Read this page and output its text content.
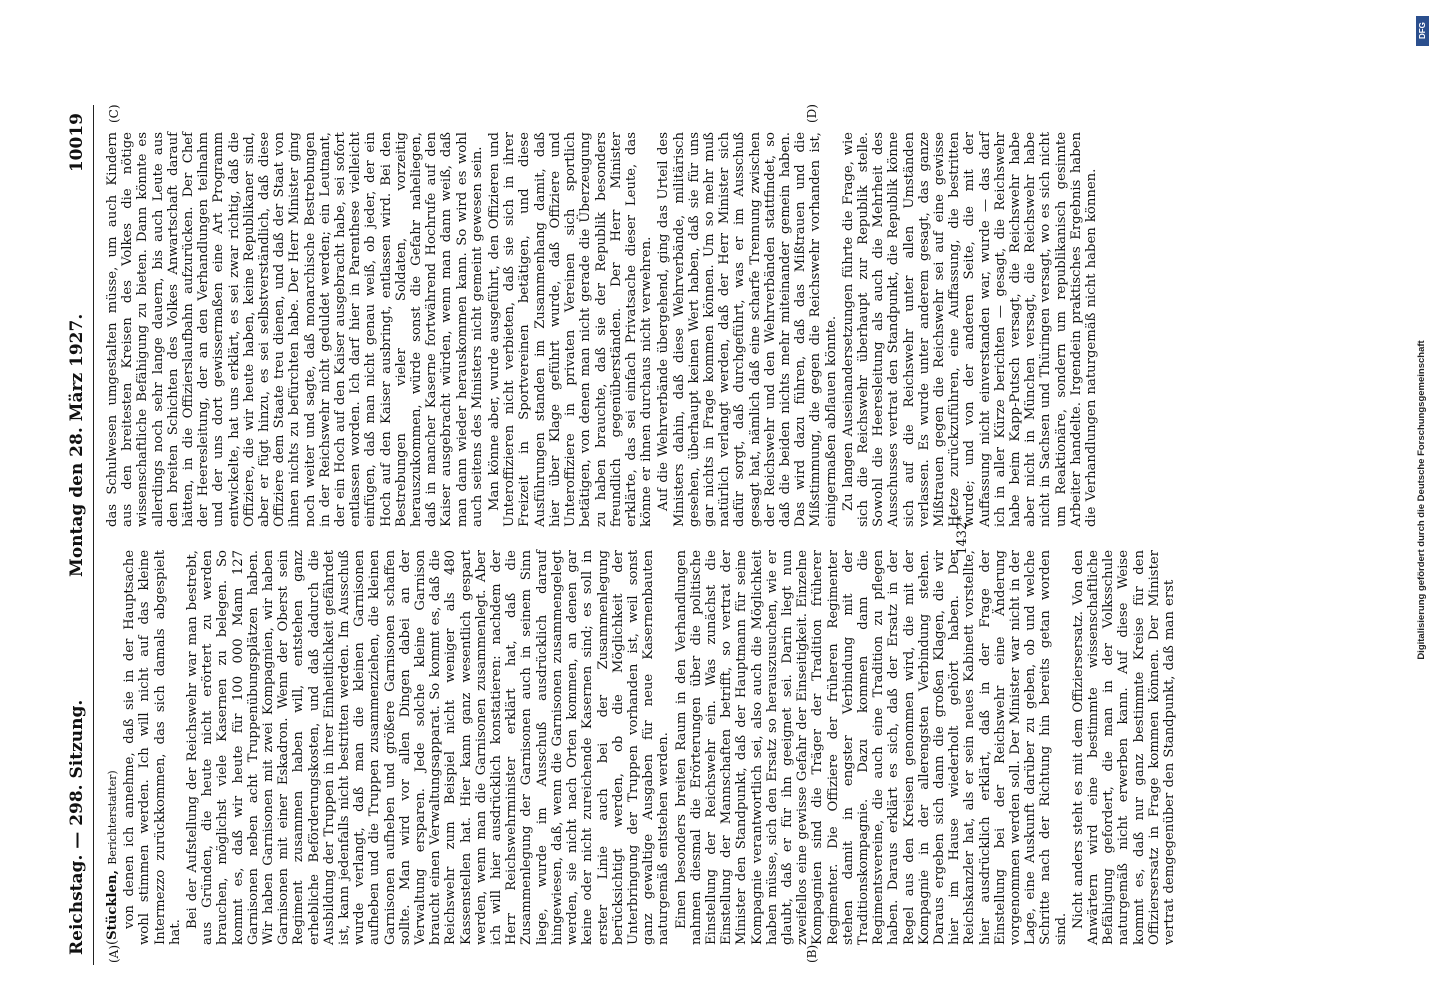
Reichstag. — 298. Sitzung.
Montag den 28. März 1927.
10019
(A)	(B)
(C)	(D)

(Stücklen, Berichterstatter) von denen ich annehme, daß sie in der Hauptsache wohl stimmen werden. Ich will nicht auf das kleine Intermezzo zurückkommen, das sich damals abgespielt hat.

Bei der Aufstellung der Reichswehr war man bestrebt, aus Gründen, die heute nicht erörtert zu werden brauchen, möglichst viele Kasernen zu belegen. So kommt es, daß wir heute für 100 000 Mann 127 Garnisonen neben acht Truppenübungsplätzen haben. Wir haben Garnisonen mit zwei Kompagnien, wir haben Garnisonen mit einer Eskadron. Wenn der Oberst sein Regiment zusammen haben will, entstehen ganz erhebliche Beförderungskosten, und daß dadurch die Ausbildung der Truppen in ihrer Einheitlichkeit gefährdet ist, kann jedenfalls nicht bestritten werden. Im Ausschuß wurde verlangt, daß man die kleinen Garnisonen aufheben und die Truppen zusammenziehen, die kleinen Garnisonen aufheben und größere Garnisonen schaffen sollte. Man wird vor allen Dingen dabei an der Verwaltung ersparen. Jede solche kleine Garnison braucht einen Verwaltungsapparat. So kommt es, daß die Reichswehr zum Beispiel nicht weniger als 480 Kassenstellen hat. Hier kann ganz wesentlich gespart werden, wenn man die Garnisonen zusammenlegt. Aber ich will hier ausdrücklich konstatieren: nachdem der Herr Reichswehrminister erklärt hat, daß die Zusammenlegung der Garnisonen auch in seinem Sinn liege, wurde im Ausschuß ausdrücklich darauf hingewiesen, daß, wenn die Garnisonen zusammengelegt werden, sie nicht nach Orten kommen, an denen gar keine oder nicht zureichende Kasernen sind; es soll in erster Linie auch bei der Zusammenlegung berücksichtigt werden, ob die Möglichkeit der Unterbringung der Truppen vorhanden ist, weil sonst ganz gewaltige Ausgaben für neue Kasernenbauten naturgemäß entstehen werden. Einen besonders breiten Raum in den Verhandlungen nahmen diesmal die Erörterungen über die politische Einstellung der Reichswehr ein. Was zunächst die Einstellung der Mannschaften betrifft, so vertrat der Minister den Standpunkt, daß der Hauptmann für seine Kompagnie verantwortlich sei, also auch die Möglichkeit haben müsse, sich den Ersatz so herauszusuchen, wie er glaubt, daß er für ihn geeignet sei. Darin liegt nun zweifellos eine gewisse Gefahr der Einseitigkeit. Einzelne Kompagnien sind die Träger der Tradition früherer Regimenter. Die Offiziere der früheren Regimenter stehen damit in engster Verbindung mit der Traditionskompagnie. Dazu kommen dann die Regimentsvereine, die auch eine Tradition zu pflegen haben. Daraus erklärt es sich, daß der Ersatz in der Regel aus den Kreisen genommen wird, die mit der Kompagnie in der allerengsten Verbindung stehen. Daraus ergeben sich dann die großen Klagen, die wir hier im Hause wiederholt gehört haben. Der Reichskanzler hat, als er sein neues Kabinett vorstellte, hier ausdrücklich erklärt, daß in der Frage der Einstellung bei der Reichswehr eine Änderung vorgenommen werden soll. Der Minister war nicht in der Lage, eine Auskunft darüber zu geben, ob und welche Schritte nach der Richtung hin bereits getan worden sind. Nicht anders steht es mit dem Offiziersersatz. Von den Anwärtern wird eine bestimmte wissenschaftliche Befähigung gefordert, die man in der Volksschule naturgemäß nicht erwerben kann. Auf diese Weise kommt es, daß nur ganz bestimmte Kreise für den Offiziersersatz in Frage kommen können. Der Minister vertrat demgegenüber den Standpunkt, daß man erst

das Schulwesen umgestalten müsse, um auch Kindern aus den breitesten Kreisen des Volkes die nötige wissenschaftliche Befähigung zu bieten. Dann könnte es allerdings noch sehr lange dauern, bis auch Leute aus den breiten Schichten des Volkes Anwartschaft darauf hätten, in die Offizierslaufbahn aufzurücken. Der Chef der Heeresleitung, der an den Verhandlungen teilnahm und der uns dort gewissermaßen eine Art Programm entwickelte, hat uns erklärt, es sei zwar richtig, daß die Offiziere, die wir heute haben, keine Republikaner sind, aber er fügt hinzu, es sei selbstverständlich, daß diese Offiziere dem Staate treu dienen, und daß der Staat von ihnen nichts zu befürchten habe. Der Herr Minister ging noch weiter und sagte, daß monarchische Bestrebungen in der Reichswehr nicht geduldet werden; ein Leutnant, der ein Hoch auf den Kaiser ausgebracht habe, sei sofort entlassen worden. Ich darf hier in Parenthese vielleicht einfügen, daß man nicht genau weiß, ob jeder, der ein Hoch auf den Kaiser ausbringt, entlassen wird. Bei den Bestrebungen vieler Soldaten, vorzeitig herauszukommen, würde sonst die Gefahr naheliegen, daß in mancher Kaserne fortwährend Hochrufe auf den Kaiser ausgebracht würden, wenn man dann weiß, daß man dann wieder herauskommen kann. So wird es wohl auch seitens des Ministers nicht gemeint gewesen sein. Man könne aber, wurde ausgeführt, den Offizieren und Unteroffizieren nicht verbieten, daß sie sich in ihrer Freizeit in Sportvereinen betätigen, und diese Ausführungen standen im Zusammenhang damit, daß hier über Klage geführt wurde, daß Offiziere und Unteroffiziere in privaten Vereinen sich sportlich betätigen, von denen man nicht gerade die Überzeugung zu haben brauchte, daß sie der Republik besonders freundlich gegenüberständen. Der Herr Minister erklärte, das sei einfach Privatsache dieser Leute, das könne er ihnen durchaus nicht verwehren. Auf die Wehrverbände übergehend, ging das Urteil des Ministers dahin, daß diese Wehrverbände, militärisch gesehen, überhaupt keinen Wert haben, daß sie für uns gar nichts in Frage kommen können. Um so mehr muß natürlich verlangt werden, daß der Herr Minister sich dafür sorgt, daß durchgeführt, was er im Ausschuß gesagt hat, nämlich daß eine scharfe Trennung zwischen der Reichswehr und den Wehrverbänden stattfindet, so daß die beiden nichts mehr miteinander gemein haben. Das wird dazu führen, daß das Mißtrauen und die Mißstimmung, die gegen die Reichswehr vorhanden ist, einigermaßen abflauen könnte. Zu langen Auseinandersetzungen führte die Frage, wie sich die Reichswehr überhaupt zur Republik stelle. Sowohl die Heeresleitung als auch die Mehrheit des Ausschusses vertrat den Standpunkt, die Republik könne sich auf die Reichswehr unter allen Umständen verlassen. Es wurde unter anderem gesagt, das ganze Mißtrauen gegen die Reichswehr sei auf eine gewisse Hetze zurückzuführen, eine Auffassung, die bestritten wurde; und von der anderen Seite, die mit der Auffassung nicht einverstanden war, wurde — das darf ich in aller Kürze berichten — gesagt, die Reichswehr habe beim Kapp-Putsch versagt, die Reichswehr habe aber nicht in München versagt, die Reichswehr habe nicht in Sachsen und Thüringen versagt, wo es sich nicht um Reaktionäre, sondern um republikanisch gesinnte Arbeiter handelte. Irgendein praktisches Ergebnis haben die Verhandlungen naturgemäß nicht haben können.

1432*
DFG
Digitalisierung gefördert durch die Deutsche Forschungsgemeinschaft
